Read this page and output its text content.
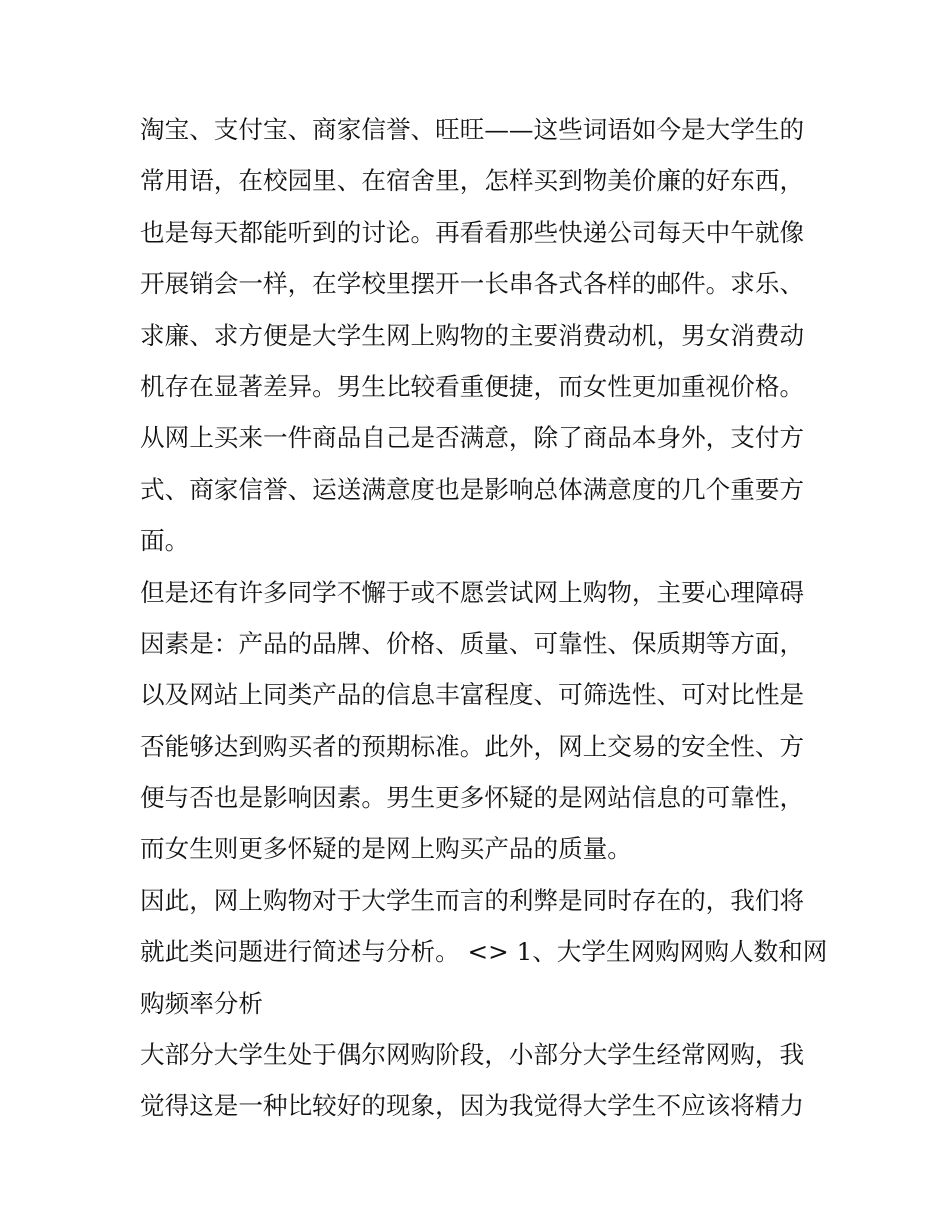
淘宝、支付宝、商家信誉、旺旺——这些词语如今是大学生的
常用语，在校园里、在宿舍里，怎样买到物美价廉的好东西，
也是每天都能听到的讨论。再看看那些快递公司每天中午就像
开展销会一样，在学校里摆开一长串各式各样的邮件。求乐、
求廉、求方便是大学生网上购物的主要消费动机，男女消费动
机存在显著差异。男生比较看重便捷，而女性更加重视价格。
从网上买来一件商品自己是否满意，除了商品本身外，支付方
式、商家信誉、运送满意度也是影响总体满意度的几个重要方
面。
但是还有许多同学不懈于或不愿尝试网上购物，主要心理障碍
因素是：产品的品牌、价格、质量、可靠性、保质期等方面，
以及网站上同类产品的信息丰富程度、可筛选性、可对比性是
否能够达到购买者的预期标准。此外，网上交易的安全性、方
便与否也是影响因素。男生更多怀疑的是网站信息的可靠性，
而女生则更多怀疑的是网上购买产品的质量。
因此，网上购物对于大学生而言的利弊是同时存在的，我们将
就此类问题进行简述与分析。 <> 1、大学生网购网购人数和网
购频率分析
大部分大学生处于偶尔网购阶段，小部分大学生经常网购，我
觉得这是一种比较好的现象，因为我觉得大学生不应该将精力
